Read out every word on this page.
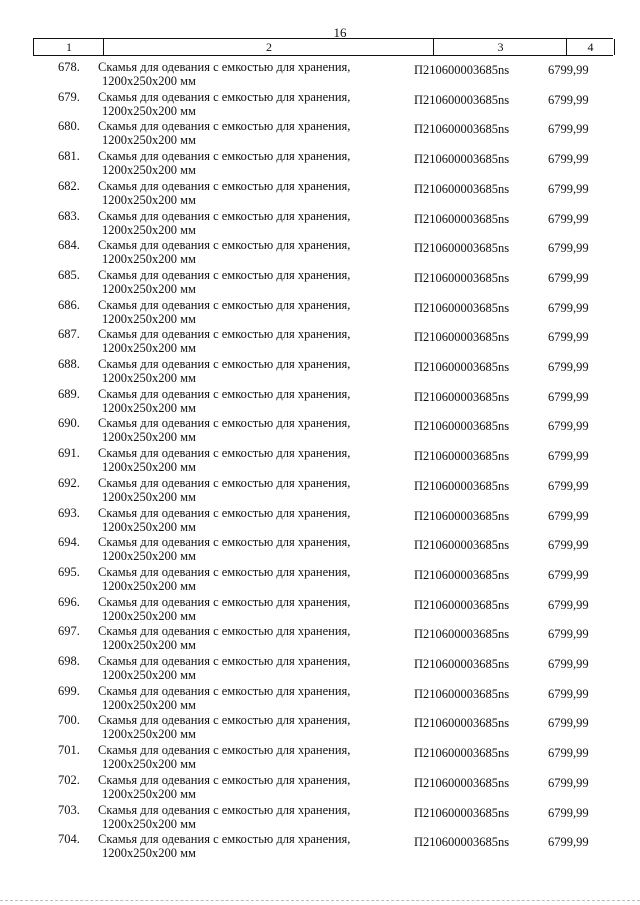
16
1	2	3	4
678. Скамья для одевания с емкостью для хранения,
1200x250x200 мм
П210600003685ns	6799,99
679. Скамья для одевания с емкостью для хранения,
1200x250x200 мм
П210600003685ns	6799,99
680. Скамья для одевания с емкостью для хранения,
1200x250x200 мм
П210600003685ns	6799,99
681. Скамья для одевания с емкостью для хранения,
1200x250x200 мм
П210600003685ns	6799,99
682. Скамья для одевания с емкостью для хранения,
1200x250x200 мм
П210600003685ns	6799,99
683. Скамья для одевания с емкостью для хранения,
1200x250x200 мм
П210600003685ns	6799,99
684. Скамья для одевания с емкостью для хранения,
1200x250x200 мм
П210600003685ns	6799,99
685. Скамья для одевания с емкостью для хранения,
1200x250x200 мм
П210600003685ns	6799,99
686. Скамья для одевания с емкостью для хранения,
1200x250x200 мм
П210600003685ns	6799,99
687. Скамья для одевания с емкостью для хранения,
1200x250x200 мм
П210600003685ns	6799,99
688. Скамья для одевания с емкостью для хранения,
1200x250x200 мм
П210600003685ns	6799,99
689. Скамья для одевания с емкостью для хранения,
1200x250x200 мм
П210600003685ns	6799,99
690. Скамья для одевания с емкостью для хранения,
1200x250x200 мм
П210600003685ns	6799,99
691. Скамья для одевания с емкостью для хранения,
1200x250x200 мм
П210600003685ns	6799,99
692. Скамья для одевания с емкостью для хранения,
1200x250x200 мм
П210600003685ns	6799,99
693. Скамья для одевания с емкостью для хранения,
1200x250x200 мм
П210600003685ns	6799,99
694. Скамья для одевания с емкостью для хранения,
1200x250x200 мм
П210600003685ns	6799,99
695. Скамья для одевания с емкостью для хранения,
1200x250x200 мм
П210600003685ns	6799,99
696. Скамья для одевания с емкостью для хранения,
1200x250x200 мм
П210600003685ns	6799,99
697. Скамья для одевания с емкостью для хранения,
1200x250x200 мм
П210600003685ns	6799,99
698. Скамья для одевания с емкостью для хранения,
1200x250x200 мм
П210600003685ns	6799,99
699. Скамья для одевания с емкостью для хранения,
1200x250x200 мм
П210600003685ns	6799,99
700. Скамья для одевания с емкостью для хранения,
1200x250x200 мм
П210600003685ns	6799,99
701. Скамья для одевания с емкостью для хранения,
1200x250x200 мм
П210600003685ns	6799,99
702. Скамья для одевания с емкостью для хранения,
1200x250x200 мм
П210600003685ns	6799,99
703. Скамья для одевания с емкостью для хранения,
1200x250x200 мм
П210600003685ns	6799,99
704. Скамья для одевания с емкостью для хранения,
1200x250x200 мм
П210600003685ns	6799,99
